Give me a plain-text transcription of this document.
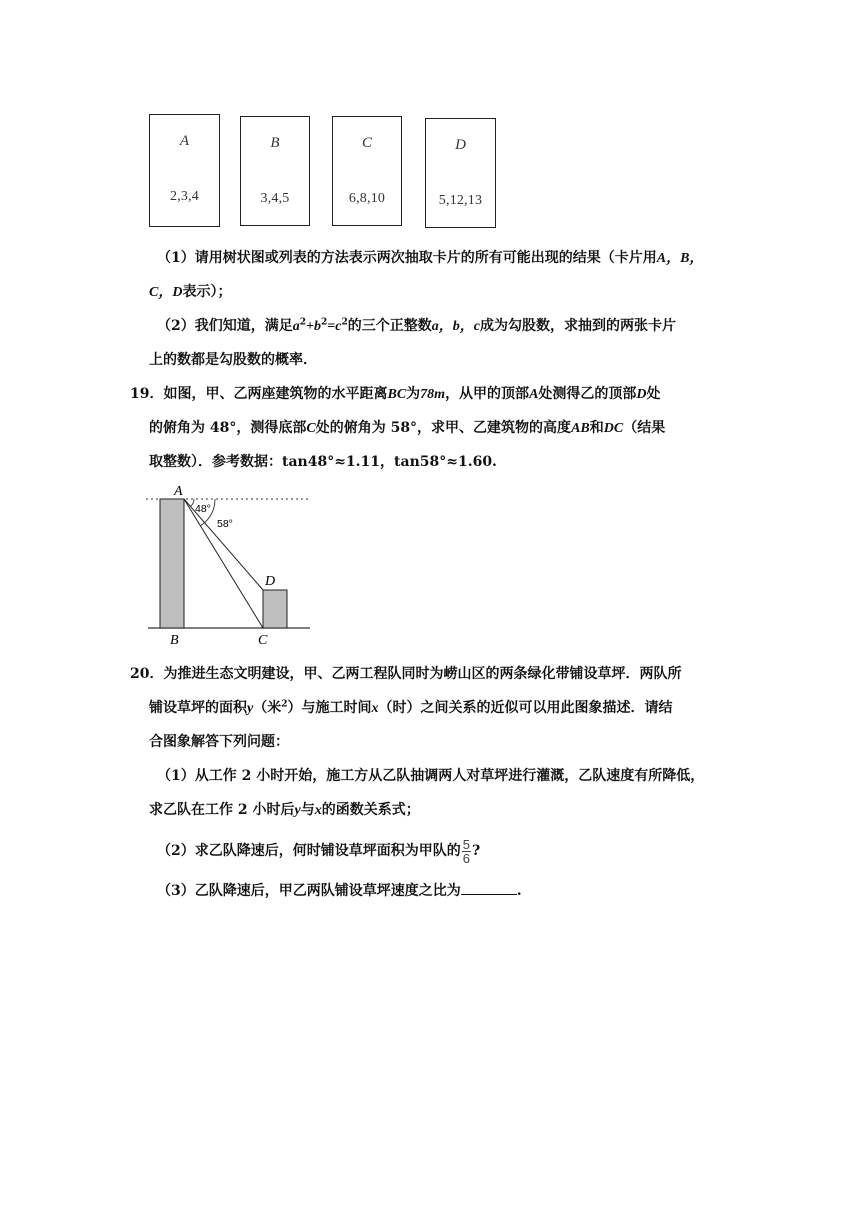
A
2,3,4
B
3,4,5
C
6,8,10
D
5,12,13
（1）请用树状图或列表的方法表示两次抽取卡片的所有可能出现的结果（卡片用A，B，
C，D表示）；
（2）我们知道，满足$a^2+b^2=c^2$的三个正整数a，b，c成为勾股数，求抽到的两张卡片
上的数都是勾股数的概率．
19．如图，甲、乙两座建筑物的水平距离BC为78m，从甲的顶部A处测得乙的顶部D处
的俯角为 48°，测得底部C处的俯角为 58°，求甲、乙建筑物的高度AB和DC（结果
取整数）．参考数据：tan48°≈1.11，tan58°≈1.60.
A
B	C
D
48°
58°
20．为推进生态文明建设，甲、乙两工程队同时为崂山区的两条绿化带铺设草坪．两队所
铺设草坪的面积y（米$^2$）与施工时间x（时）之间关系的近似可以用此图象描述．请结
合图象解答下列问题：
（1）从工作 2 小时开始，施工方从乙队抽调两人对草坪进行灌溉，乙队速度有所降低，
求乙队在工作 2 小时后y与x的函数关系式；
（2）求乙队降速后，何时铺设草坪面积为甲队的 $\frac{5}{6}$ ?
（3）乙队降速后，甲乙两队铺设草坪速度之比为	.
